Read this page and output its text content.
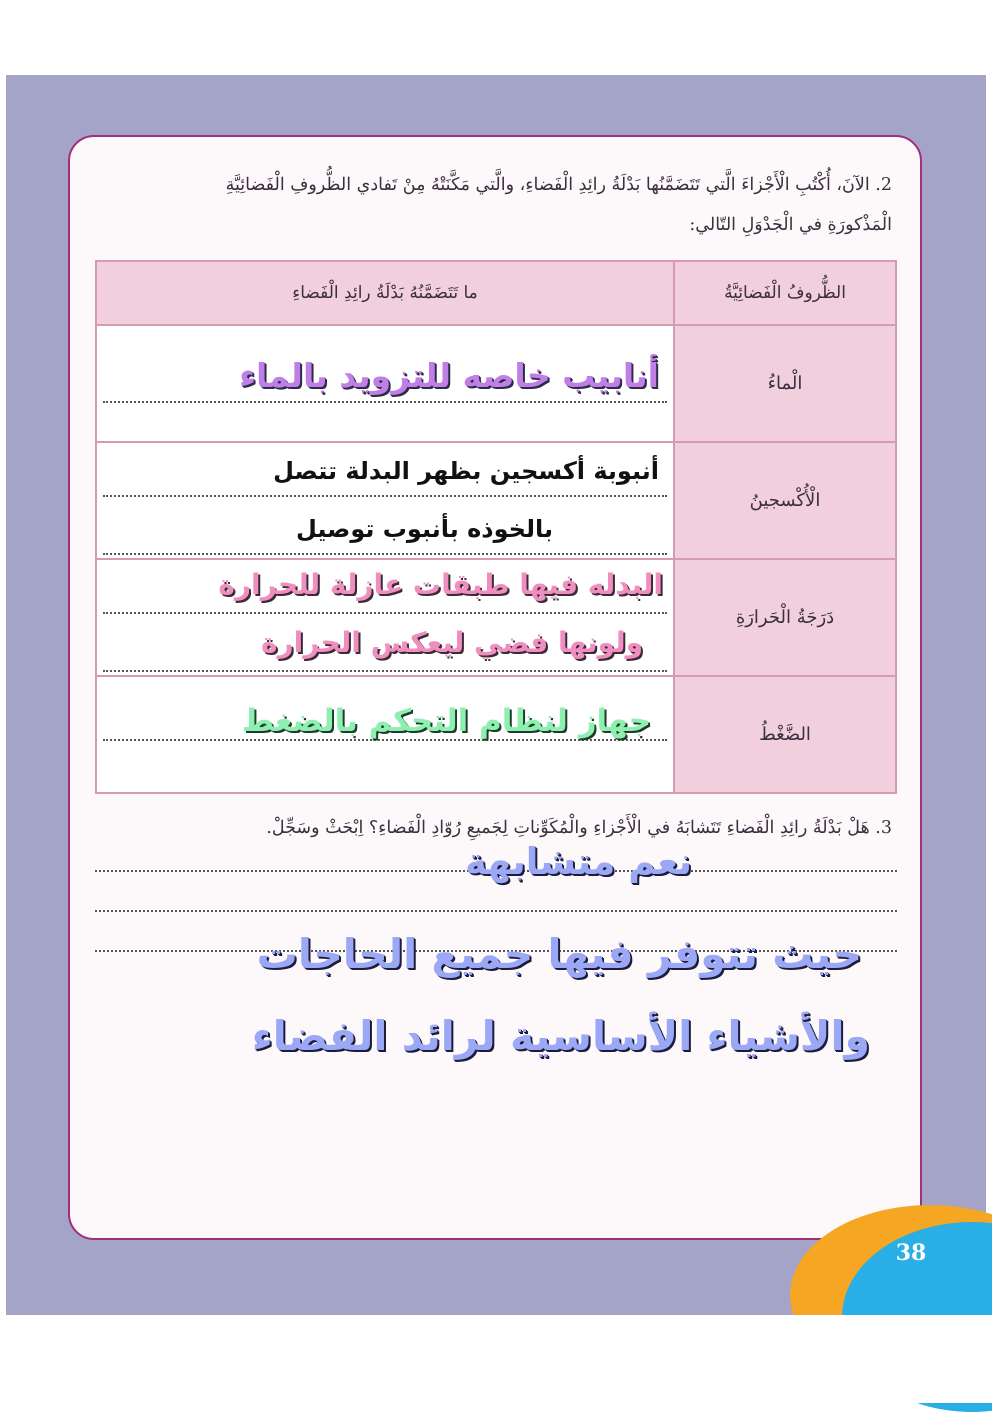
38
2. الآنَ، أُكْتُبِ الْأَجْزاءَ الَّتي تَتَضَمَّنُها بَدْلَةُ رائِدِ الْفَضاءِ، والَّتي مَكَّنَتْهُ مِنْ تَفادي الظُّروفِ الْفَضائِيَّةِ
الْمَذْكورَةِ في الْجَدْوَلِ التّالي:
الظُّروفُ الْفَضائِيَّةُ	ما تَتَضَمَّنُهُ بَدْلَةُ رائِدِ الْفَضاءِ
الْماءُ	أنابيب خاصه للتزويد بالماء

الْأُكْسجينُ	أنبوبة أكسجين بظهر البدلة تتصل
بالخوذه بأنبوب توصيل

دَرَجَةُ الْحَرارَةِ	البدله فيها طبقات عازلة للحرارة
ولونها فضي ليعكس الحرارة

الضَّغْطُ	جهاز لنظام التحكم بالضغط
3. هَلْ بَدْلَةُ رائِدِ الْفَضاءِ تَتَشابَهُ في الْأَجْزاءِ والْمُكَوِّناتِ لِجَميعِ رُوّادِ الْفَضاءِ؟ اِبْحَثْ وسَجِّلْ.
نعم متشابهة
حيث تتوفر فيها جميع الحاجات
والأشياء الأساسية لرائد الفضاء
